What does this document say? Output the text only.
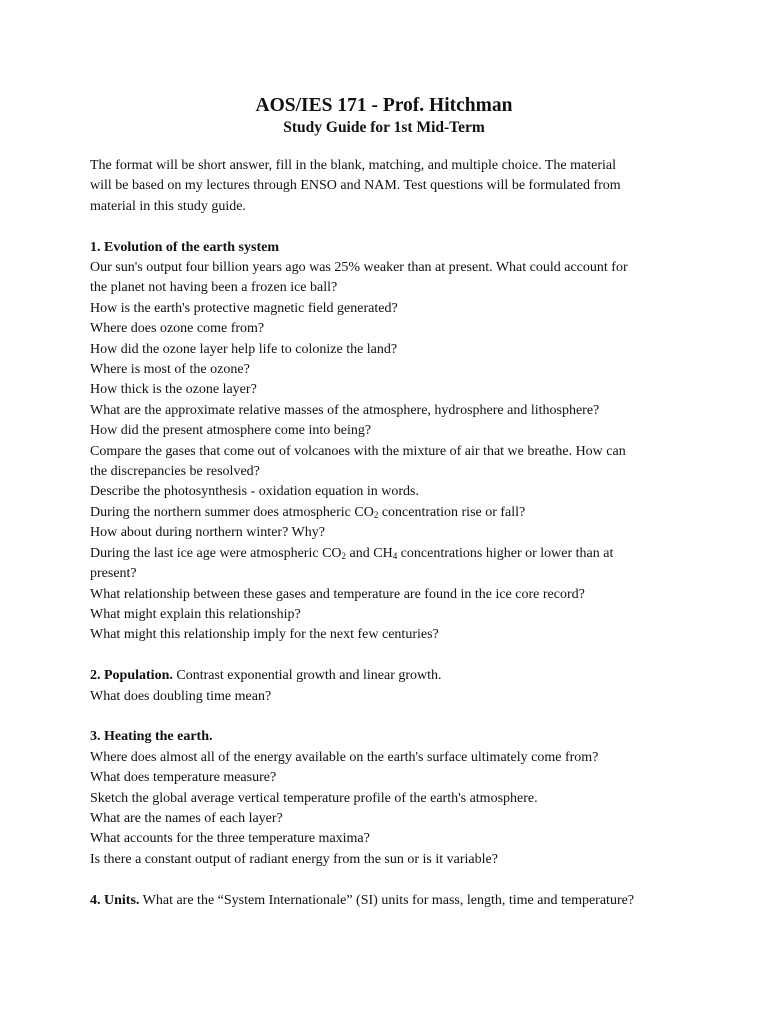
AOS/IES 171 - Prof. Hitchman
Study Guide for 1st Mid-Term
The format will be short answer, fill in the blank, matching, and multiple choice. The material
will be based on my lectures through ENSO and NAM. Test questions will be formulated from
material in this study guide.
1. Evolution of the earth system
Our sun's output four billion years ago was 25% weaker than at present. What could account for
the planet not having been a frozen ice ball?
How is the earth's protective magnetic field generated?
Where does ozone come from?
How did the ozone layer help life to colonize the land?
Where is most of the ozone?
How thick is the ozone layer?
What are the approximate relative masses of the atmosphere, hydrosphere and lithosphere?
How did the present atmosphere come into being?
Compare the gases that come out of volcanoes with the mixture of air that we breathe. How can
the discrepancies be resolved?
Describe the photosynthesis - oxidation equation in words.
During the northern summer does atmospheric $CO_2$ concentration rise or fall?
How about during northern winter? Why?
During the last ice age were atmospheric $CO_2$ and $CH_4$ concentrations higher or lower than at
present?
What relationship between these gases and temperature are found in the ice core record?
What might explain this relationship?
What might this relationship imply for the next few centuries?
2. Population. Contrast exponential growth and linear growth.
What does doubling time mean?
3. Heating the earth.
Where does almost all of the energy available on the earth's surface ultimately come from?
What does temperature measure?
Sketch the global average vertical temperature profile of the earth's atmosphere.
What are the names of each layer?
What accounts for the three temperature maxima?
Is there a constant output of radiant energy from the sun or is it variable?
4. Units. What are the “System Internationale” (SI) units for mass, length, time and temperature?
